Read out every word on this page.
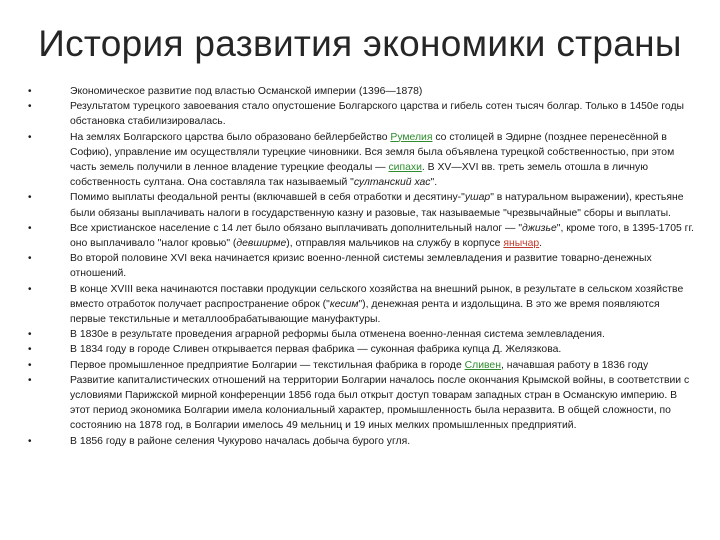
История развития экономики страны
•	Экономическое развитие под властью Османской империи (1396—1878)
•	Результатом турецкого завоевания стало опустошение Болгарского царства и гибель сотен тысяч болгар. Только в 1450е годы обстановка стабилизировалась.
•	На землях Болгарского царства было образовано бейлербейство Румелия со столицей в Эдирне (позднее перенесённой в Софию), управление им осуществляли турецкие чиновники. Вся земля была объявлена турецкой собственностью, при этом часть земель получили в ленное владение турецкие феодалы — сипахи. В XV—XVI вв. треть земель отошла в личную собственность султана. Она составляла так называемый "султанский хас".
•	Помимо выплаты феодальной ренты (включавшей в себя отработки и десятину-"ушар" в натуральном выражении), крестьяне были обязаны выплачивать налоги в государственную казну и разовые, так называемые "чрезвычайные" сборы и выплаты.
•	Все христианское население с 14 лет было обязано выплачивать дополнительный налог — "джизье", кроме того, в 1395-1705 гг. оно выплачивало "налог кровью" (девширме), отправляя мальчиков на службу в корпусе янычар.
•	Во второй половине XVI века начинается кризис военно-ленной системы землевладения и развитие товарно-денежных отношений.
•	В конце XVIII века начинаются поставки продукции сельского хозяйства на внешний рынок, в результате в сельском хозяйстве вместо отработок получает распространение оброк ("кесим"), денежная рента и издольщина. В это же время появляются первые текстильные и металлообрабатывающие мануфактуры.
•	В 1830е в результате проведения аграрной реформы была отменена военно-ленная система землевладения.
•	В 1834 году в городе Сливен открывается первая фабрика — суконная фабрика купца Д. Желязкова.
•	Первое промышленное предприятие Болгарии — текстильная фабрика в городе Сливен, начавшая работу в 1836 году
•	Развитие капиталистических отношений на территории Болгарии началось после окончания Крымской войны, в соответствии с условиями Парижской мирной конференции 1856 года был открыт доступ товарам западных стран в Османскую империю. В этот период экономика Болгарии имела колониальный характер, промышленность была неразвита. В общей сложности, по состоянию на 1878 год, в Болгарии имелось 49 мельниц и 19 иных мелких промышленных предприятий.
•	В 1856 году в районе селения Чукурово началась добыча бурого угля.
